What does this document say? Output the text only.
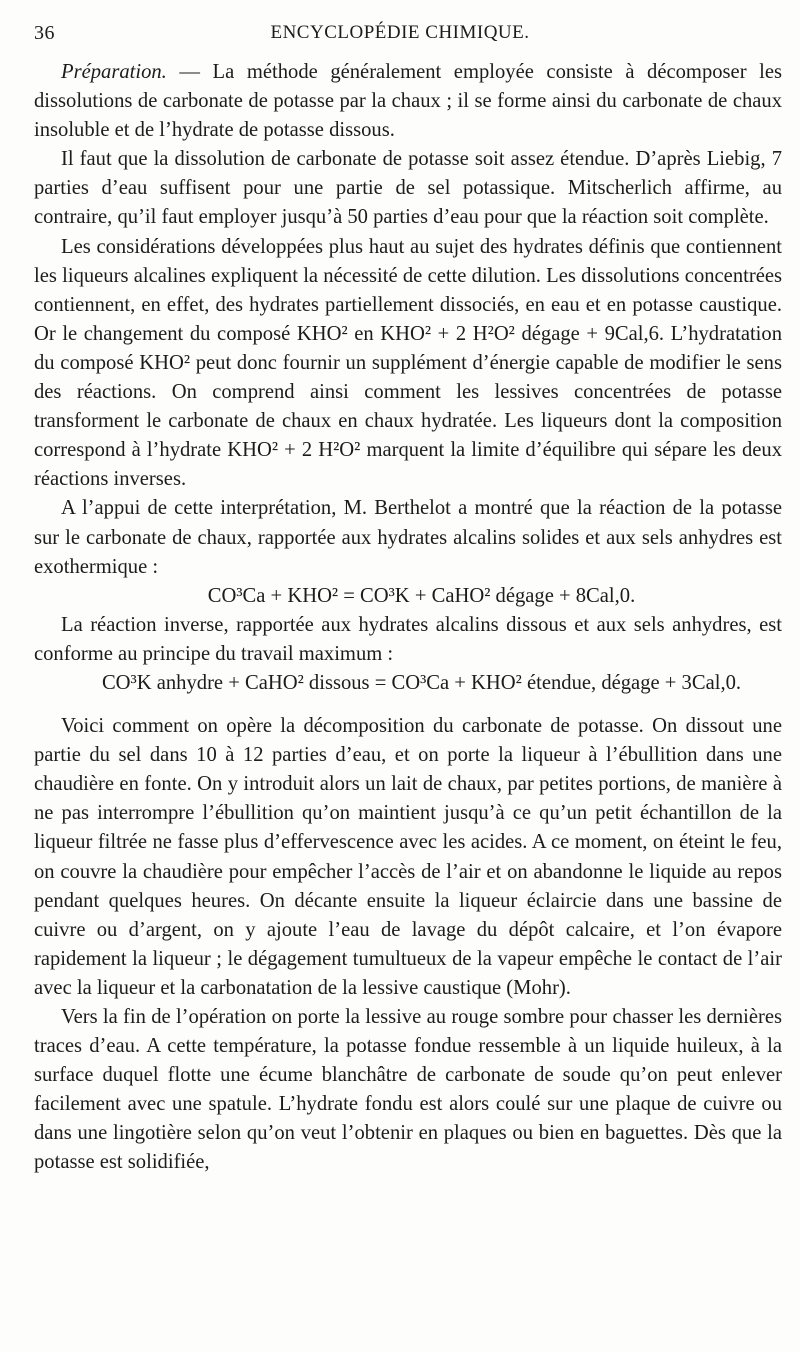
36	ENCYCLOPÉDIE CHIMIQUE.

Préparation. — La méthode généralement employée consiste à décomposer les dissolutions de carbonate de potasse par la chaux ; il se forme ainsi du carbonate de chaux insoluble et de l’hydrate de potasse dissous.

Il faut que la dissolution de carbonate de potasse soit assez étendue. D’après Liebig, 7 parties d’eau suffisent pour une partie de sel potassique. Mitscherlich affirme, au contraire, qu’il faut employer jusqu’à 50 parties d’eau pour que la réaction soit complète.

Les considérations développées plus haut au sujet des hydrates définis que contiennent les liqueurs alcalines expliquent la nécessité de cette dilution. Les dissolutions concentrées contiennent, en effet, des hydrates partiellement dissociés, en eau et en potasse caustique. Or le changement du composé KHO² en KHO² + 2 H²O² dégage + 9Cal,6. L’hydratation du composé KHO² peut donc fournir un supplément d’énergie capable de modifier le sens des réactions. On comprend ainsi comment les lessives concentrées de potasse transforment le carbonate de chaux en chaux hydratée. Les liqueurs dont la composition correspond à l’hydrate KHO² + 2 H²O² marquent la limite d’équilibre qui sépare les deux réactions inverses.

A l’appui de cette interprétation, M. Berthelot a montré que la réaction de la potasse sur le carbonate de chaux, rapportée aux hydrates alcalins solides et aux sels anhydres est exothermique :

CO³Ca + KHO² = CO³K + CaHO² dégage + 8Cal,0.

La réaction inverse, rapportée aux hydrates alcalins dissous et aux sels anhydres, est conforme au principe du travail maximum :

CO³K anhydre + CaHO² dissous = CO³Ca + KHO² étendue, dégage + 3Cal,0.

Voici comment on opère la décomposition du carbonate de potasse. On dissout une partie du sel dans 10 à 12 parties d’eau, et on porte la liqueur à l’ébullition dans une chaudière en fonte. On y introduit alors un lait de chaux, par petites portions, de manière à ne pas interrompre l’ébullition qu’on maintient jusqu’à ce qu’un petit échantillon de la liqueur filtrée ne fasse plus d’effervescence avec les acides. A ce moment, on éteint le feu, on couvre la chaudière pour empêcher l’accès de l’air et on abandonne le liquide au repos pendant quelques heures. On décante ensuite la liqueur éclaircie dans une bassine de cuivre ou d’argent, on y ajoute l’eau de lavage du dépôt calcaire, et l’on évapore rapidement la liqueur ; le dégagement tumultueux de la vapeur empêche le contact de l’air avec la liqueur et la carbonatation de la lessive caustique (Mohr).

Vers la fin de l’opération on porte la lessive au rouge sombre pour chasser les dernières traces d’eau. A cette température, la potasse fondue ressemble à un liquide huileux, à la surface duquel flotte une écume blanchâtre de carbonate de soude qu’on peut enlever facilement avec une spatule. L’hydrate fondu est alors coulé sur une plaque de cuivre ou dans une lingotière selon qu’on veut l’obtenir en plaques ou bien en baguettes. Dès que la potasse est solidifiée,
